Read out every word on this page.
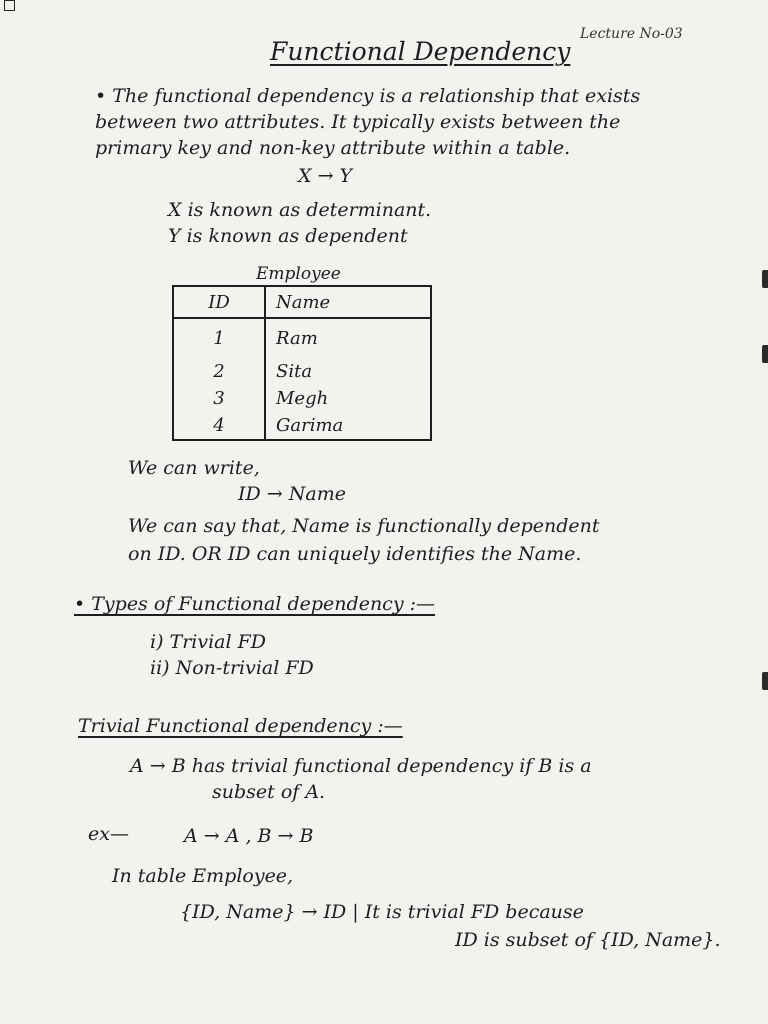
Lecture No-03
Functional Dependency
• The functional dependency is a relationship that exists
between two attributes. It typically exists between the
primary key and non-key attribute within a table.
X → Y
X is known as determinant.
Y is known as dependent
Employee
ID	Name
1	Ram
2	Sita
3	Megh
4	Garima
We can write,
ID → Name
We can say that, Name is functionally dependent
on ID. OR ID can uniquely identifies the Name.
• Types of Functional dependency :—
i) Trivial FD
ii) Non-trivial FD
Trivial Functional dependency :—
A → B has trivial functional dependency if B is a
subset of A.
ex—	A → A , B → B
In table Employee,
{ID, Name} → ID | It is trivial FD because
ID is subset of {ID, Name}.
